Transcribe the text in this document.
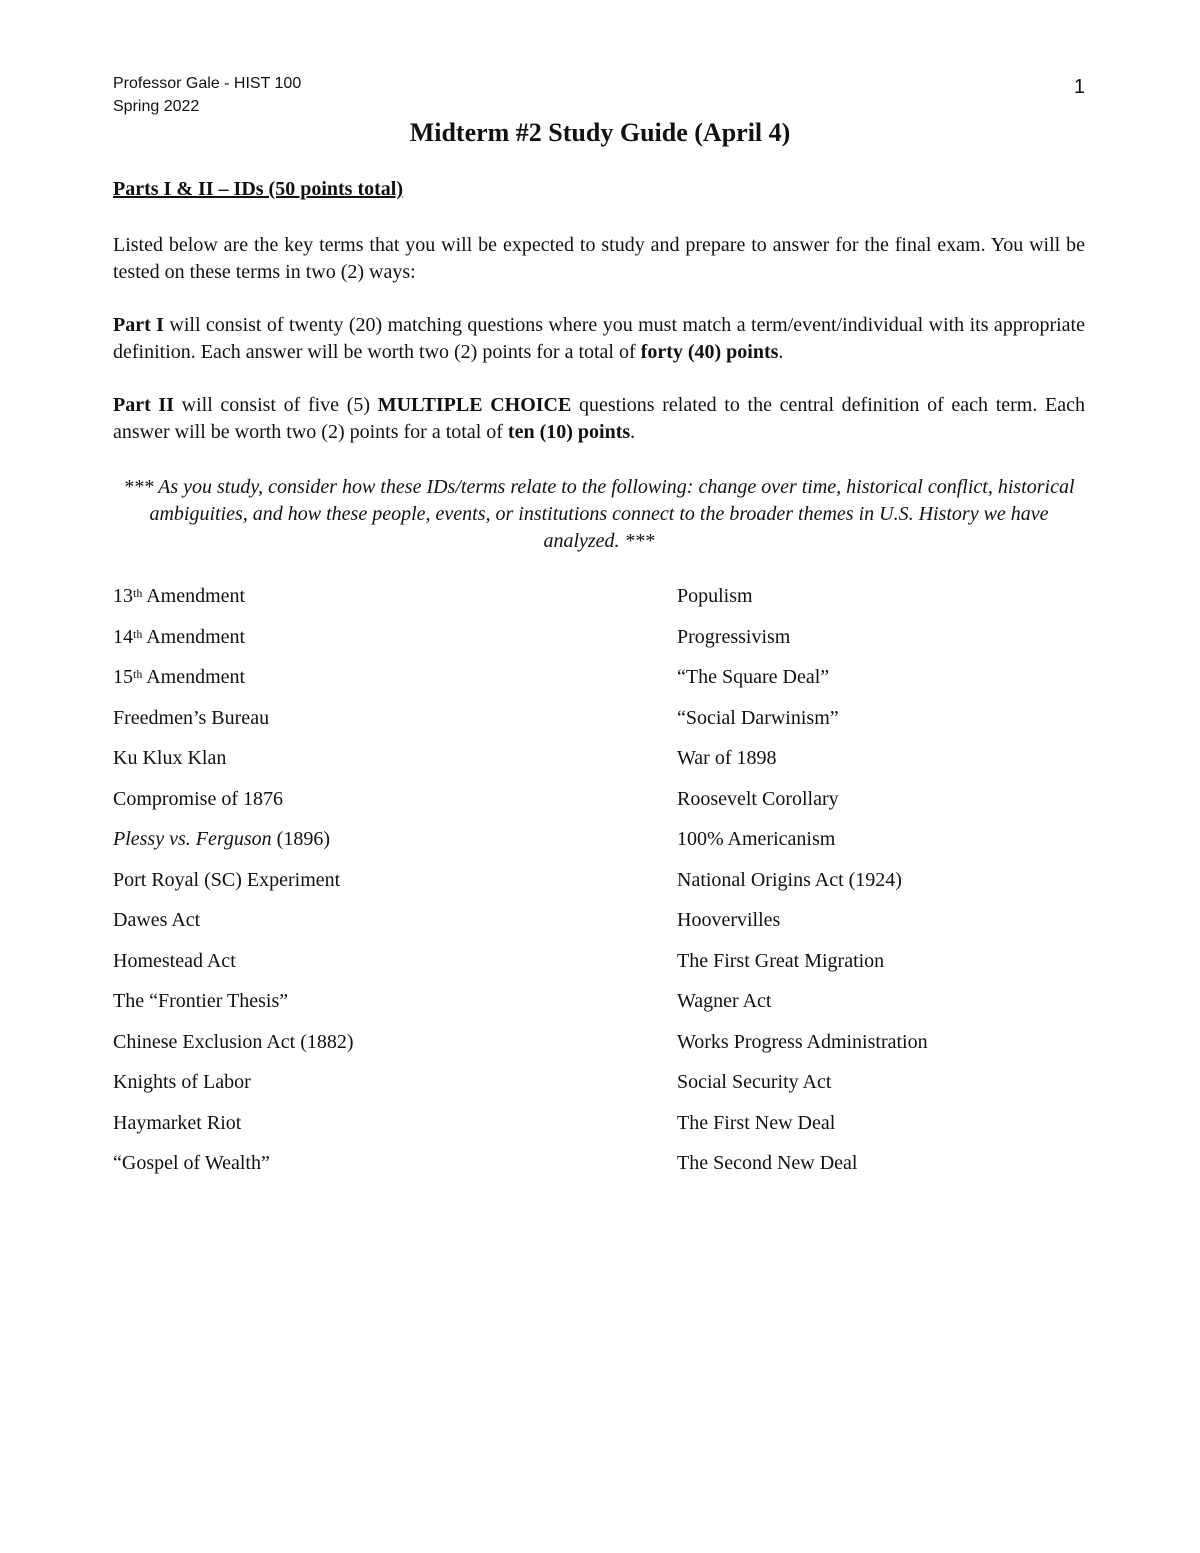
Professor Gale - HIST 100
Spring 2022
1
Midterm #2 Study Guide (April 4)
Parts I & II – IDs (50 points total)
Listed below are the key terms that you will be expected to study and prepare to answer for the final exam. You will be tested on these terms in two (2) ways:
Part I will consist of twenty (20) matching questions where you must match a term/event/individual with its appropriate definition. Each answer will be worth two (2) points for a total of forty (40) points.
Part II will consist of five (5) MULTIPLE CHOICE questions related to the central definition of each term. Each answer will be worth two (2) points for a total of ten (10) points.
*** As you study, consider how these IDs/terms relate to the following: change over time, historical conflict, historical ambiguities, and how these people, events, or institutions connect to the broader themes in U.S. History we have analyzed. ***
13th Amendment
14th Amendment
15th Amendment
Freedmen’s Bureau
Ku Klux Klan
Compromise of 1876
Plessy vs. Ferguson (1896)
Port Royal (SC) Experiment
Dawes Act
Homestead Act
The “Frontier Thesis”
Chinese Exclusion Act (1882)
Knights of Labor
Haymarket Riot
“Gospel of Wealth”
Populism
Progressivism
“The Square Deal”
“Social Darwinism”
War of 1898
Roosevelt Corollary
100% Americanism
National Origins Act (1924)
Hoovervilles
The First Great Migration
Wagner Act
Works Progress Administration
Social Security Act
The First New Deal
The Second New Deal
